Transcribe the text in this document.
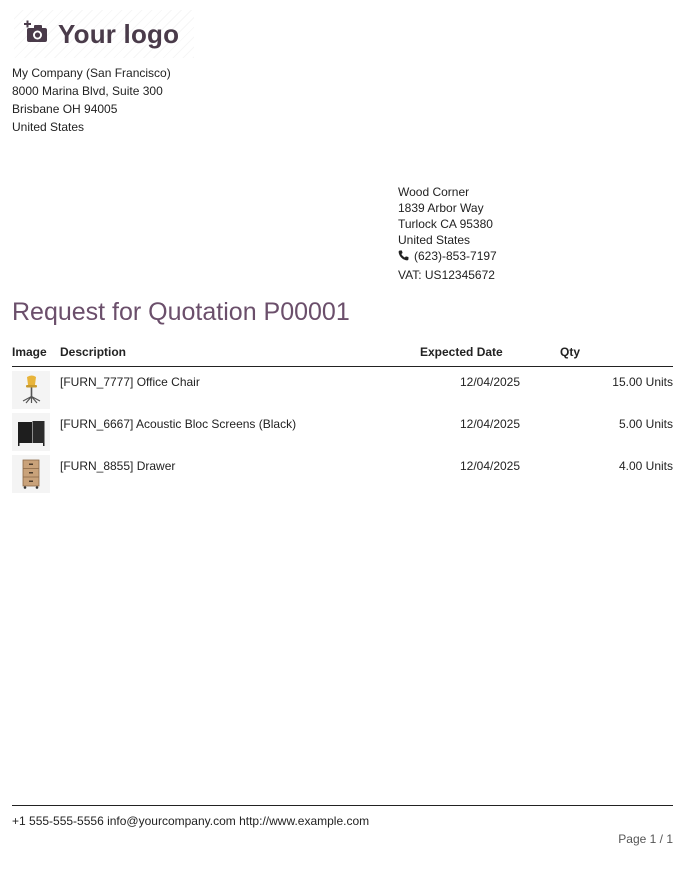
Your logo
My Company (San Francisco)
8000 Marina Blvd, Suite 300
Brisbane OH 94005
United States
Wood Corner
1839 Arbor Way
Turlock CA 95380
United States
(623)-853-7197
VAT: US12345672
Request for Quotation P00001
Image	Description	Expected Date	Qty

[FURN_7777] Office Chair	12/04/2025	15.00 Units

[FURN_6667] Acoustic Bloc Screens (Black)	12/04/2025	5.00 Units

[FURN_8855] Drawer	12/04/2025	4.00 Units
+1 555-555-5556 info@yourcompany.com http://www.example.com
Page 1 / 1
